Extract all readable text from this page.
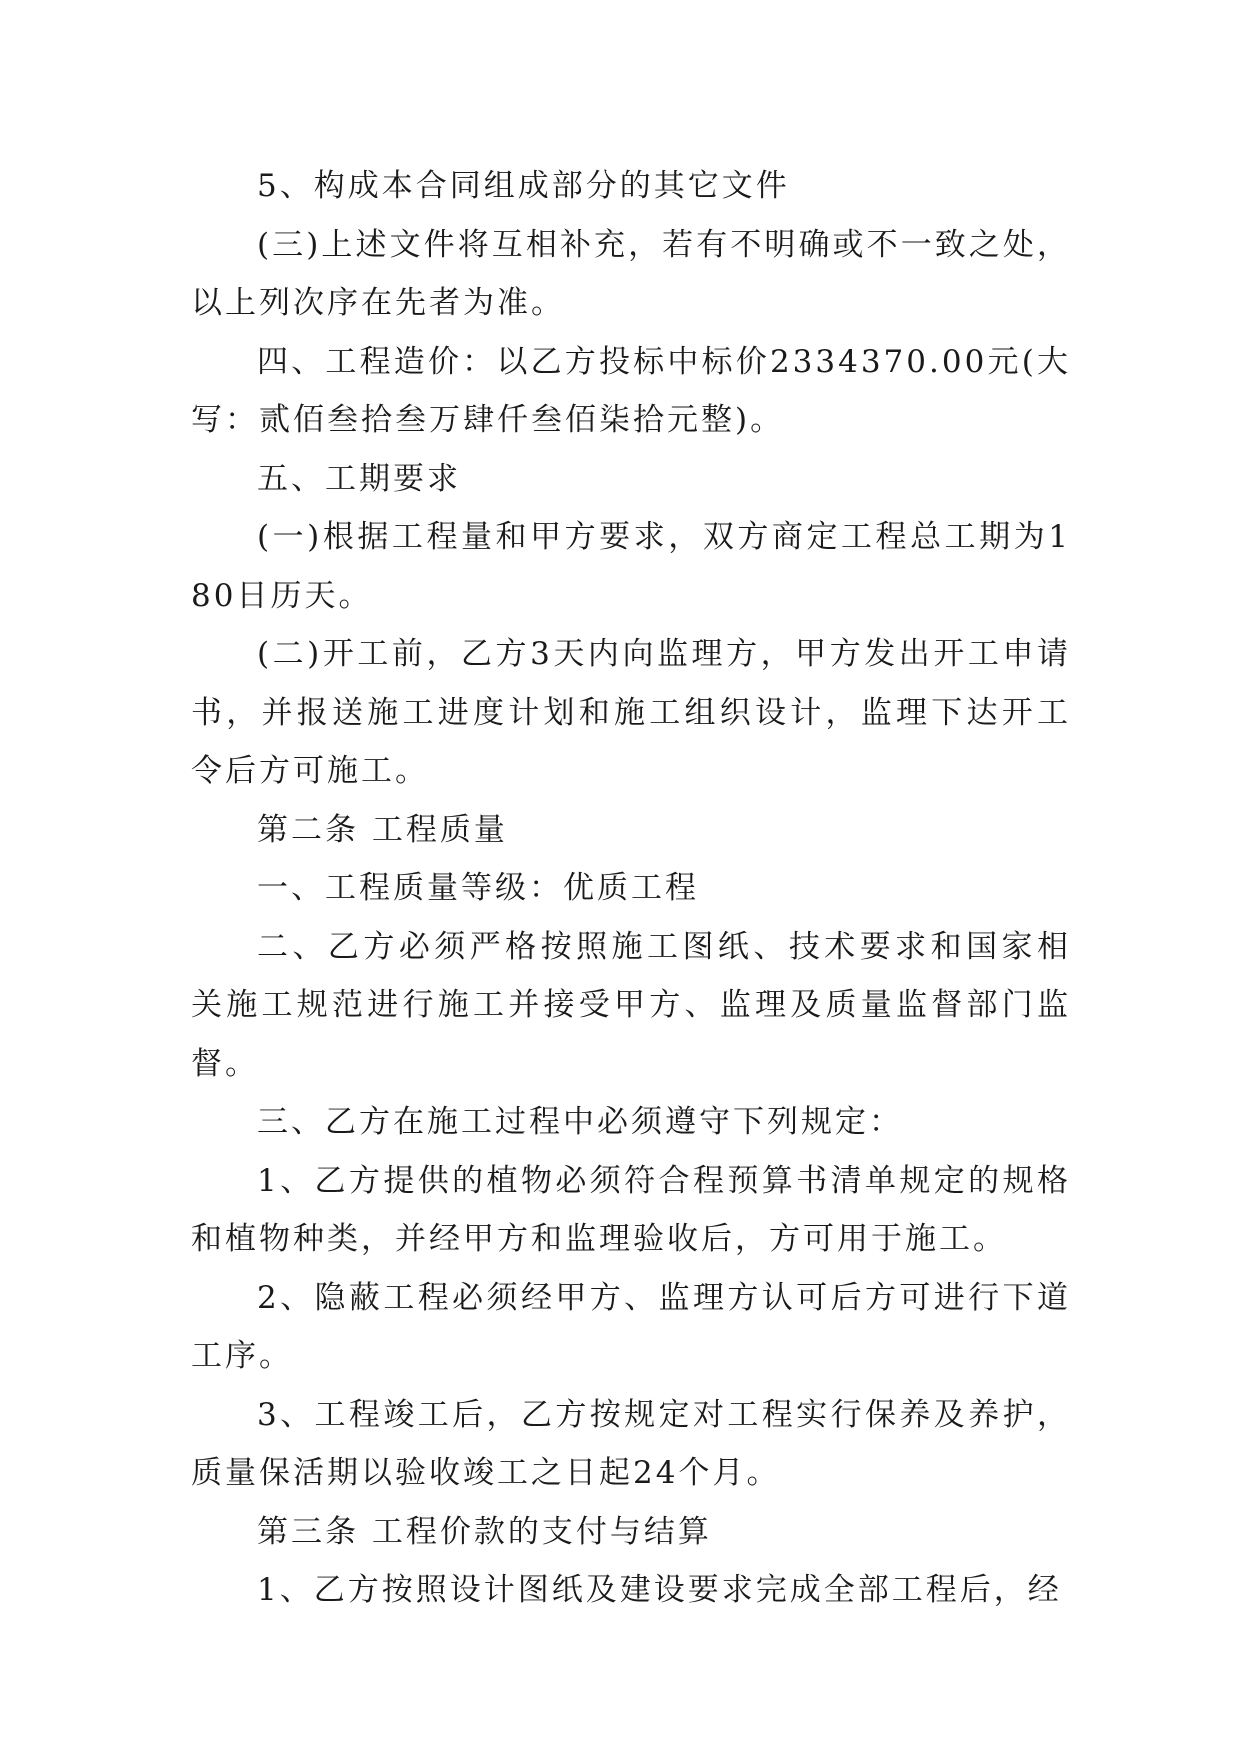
5、构成本合同组成部分的其它文件

(三)上述文件将互相补充，若有不明确或不一致之处，以上列次序在先者为准。

四、工程造价：以乙方投标中标价2334370.00元(大写：贰佰叁拾叁万肆仟叁佰柒拾元整)。

五、工期要求

(一)根据工程量和甲方要求，双方商定工程总工期为180日历天。

(二)开工前，乙方3天内向监理方，甲方发出开工申请书，并报送施工进度计划和施工组织设计，监理下达开工令后方可施工。

第二条 工程质量

一、工程质量等级：优质工程

二、乙方必须严格按照施工图纸、技术要求和国家相关施工规范进行施工并接受甲方、监理及质量监督部门监督。

三、乙方在施工过程中必须遵守下列规定：

1、乙方提供的植物必须符合程预算书清单规定的规格和植物种类，并经甲方和监理验收后，方可用于施工。

2、隐蔽工程必须经甲方、监理方认可后方可进行下道工序。

3、工程竣工后，乙方按规定对工程实行保养及养护，质量保活期以验收竣工之日起24个月。

第三条 工程价款的支付与结算

1、乙方按照设计图纸及建设要求完成全部工程后，经
